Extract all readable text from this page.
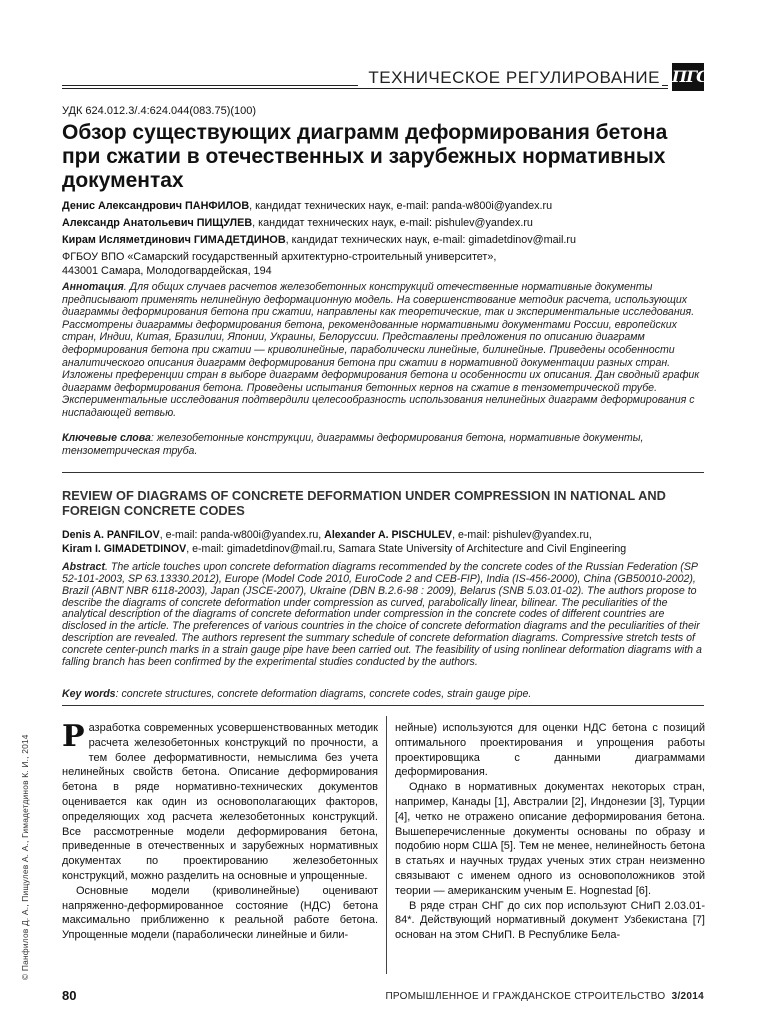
ТЕХНИЧЕСКОЕ РЕГУЛИРОВАНИЕ ПГС
УДК 624.012.3/.4:624.044(083.75)(100)
Обзор существующих диаграмм деформирования бетона при сжатии в отечественных и зарубежных нормативных документах
Денис Александрович ПАНФИЛОВ, кандидат технических наук, e-mail: panda-w800i@yandex.ru
Александр Анатольевич ПИЩУЛЕВ, кандидат технических наук, e-mail: pishulev@yandex.ru
Кирам Исляметдинович ГИМАДЕТДИНОВ, кандидат технических наук, e-mail: gimadetdinov@mail.ru
ФГБОУ ВПО «Самарский государственный архитектурно-строительный университет»,
443001 Самара, Молодогвардейская, 194
Аннотация. Для общих случаев расчетов железобетонных конструкций отечественные нормативные документы предписывают применять нелинейную деформационную модель. На совершенствование методик расчета, использующих диаграммы деформирования бетона при сжатии, направлены как теоретические, так и экспериментальные исследования. Рассмотрены диаграммы деформирования бетона, рекомендованные нормативными документами России, европейских стран, Индии, Китая, Бразилии, Японии, Украины, Белоруссии. Представлены предложения по описанию диаграмм деформирования бетона при сжатии — криволинейные, параболически линейные, билинейные. Приведены особенности аналитического описания диаграмм деформирования бетона при сжатии в нормативной документации разных стран. Изложены преференции стран в выборе диаграмм деформирования бетона и особенности их описания. Дан сводный график диаграмм деформирования бетона. Проведены испытания бетонных кернов на сжатие в тензометрической трубе. Экспериментальные исследования подтвердили целесообразность использования нелинейных диаграмм деформирования с ниспадающей ветвью.
Ключевые слова: железобетонные конструкции, диаграммы деформирования бетона, нормативные документы, тензометрическая труба.
REVIEW OF DIAGRAMS OF CONCRETE DEFORMATION UNDER COMPRESSION IN NATIONAL AND FOREIGN CONCRETE CODES
Denis A. PANFILOV, e-mail: panda-w800i@yandex.ru, Alexander A. PISCHULEV, e-mail: pishulev@yandex.ru,
Kiram I. GIMADETDINOV, e-mail: gimadetdinov@mail.ru, Samara State University of Architecture and Civil Engineering
Abstract. The article touches upon concrete deformation diagrams recommended by the concrete codes of the Russian Federation (SP 52-101-2003, SP 63.13330.2012), Europe (Model Code 2010, EuroCode 2 and CEB-FIP), India (IS-456-2000), China (GB50010-2002), Brazil (ABNT NBR 6118-2003), Japan (JSCE-2007), Ukraine (DBN B.2.6-98 : 2009), Belarus (SNB 5.03.01-02). The authors propose to describe the diagrams of concrete deformation under compression as curved, parabolically linear, bilinear. The peculiarities of the analytical description of the diagrams of concrete deformation under compression in the concrete codes of different countries are disclosed in the article. The preferences of various countries in the choice of concrete deformation diagrams and the peculiarities of their description are revealed. The authors represent the summary schedule of concrete deformation diagrams. Compressive stretch tests of concrete center-punch marks in a strain gauge pipe have been carried out. The feasibility of using nonlinear deformation diagrams with a falling branch has been confirmed by the experimental studies conducted by the authors.
Key words: concrete structures, concrete deformation diagrams, concrete codes, strain gauge pipe.

Разработка современных усовершенствованных методик расчета железобетонных конструкций по прочности, а тем более деформативности, немыслима без учета нелинейных свойств бетона. Описание деформирования бетона в ряде нормативно-технических документов оценивается как один из основополагающих факторов, определяющих ход расчета железобетонных конструкций. Все рассмотренные модели деформирования бетона, приведенные в отечественных и зарубежных нормативных документах по проектированию железобетонных конструкций, можно разделить на основные и упрощенные.

Основные модели (криволинейные) оценивают напряженно-деформированное состояние (НДС) бетона максимально приближенно к реальной работе бетона. Упрощенные модели (параболически линейные и били-

нейные) используются для оценки НДС бетона с позиций оптимального проектирования и упрощения работы проектировщика с данными диаграммами деформирования.

Однако в нормативных документах некоторых стран, например, Канады [1], Австралии [2], Индонезии [3], Турции [4], четко не отражено описание деформирования бетона. Вышеперечисленные документы основаны по образу и подобию норм США [5]. Тем не менее, нелинейность бетона в статьях и научных трудах ученых этих стран неизменно связывают с именем одного из основоположников этой теории — американским ученым E. Hognestad [6].

В ряде стран СНГ до сих пор используют СНиП 2.03.01-84*. Действующий нормативный документ Узбекистана [7] основан на этом СНиП. В Республике Бела-

© Панфилов Д. А., Пищулев А. А., Гимадетдинов К. И., 2014
80	ПРОМЫШЛЕННОЕ И ГРАЖДАНСКОЕ СТРОИТЕЛЬСТВО 3/2014
